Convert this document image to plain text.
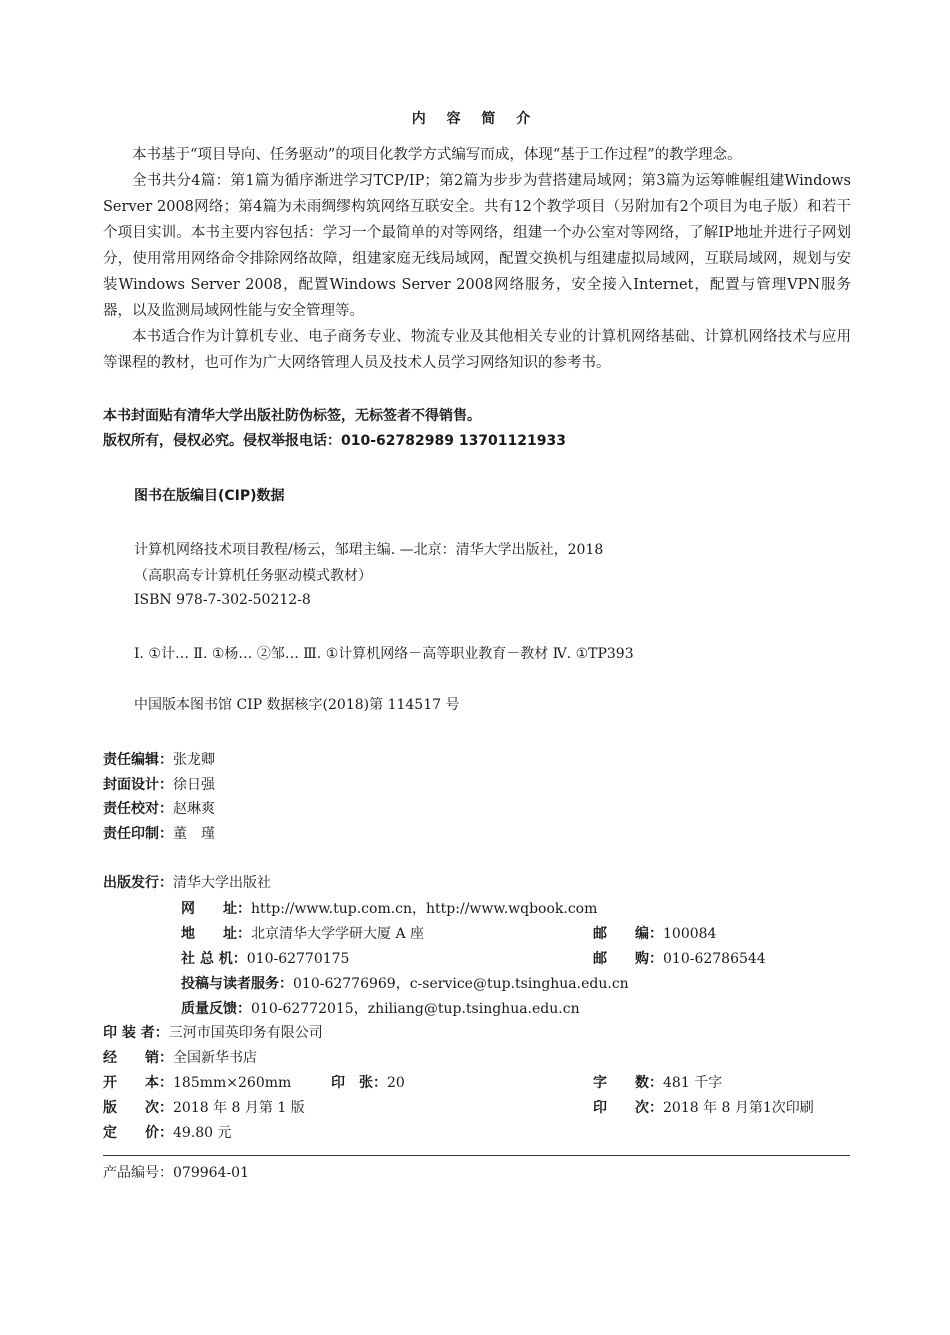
内 容 简 介

本书基于“项目导向、任务驱动”的项目化教学方式编写而成，体现“基于工作过程”的教学理念。

全书共分4篇：第1篇为循序渐进学习TCP/IP；第2篇为步步为营搭建局域网；第3篇为运筹帷幄组建Windows Server 2008网络；第4篇为未雨绸缪构筑网络互联安全。共有12个教学项目（另附加有2个项目为电子版）和若干个项目实训。本书主要内容包括：学习一个最简单的对等网络，组建一个办公室对等网络，了解IP地址并进行子网划分，使用常用网络命令排除网络故障，组建家庭无线局域网，配置交换机与组建虚拟局域网，互联局域网，规划与安装Windows Server 2008，配置Windows Server 2008网络服务，安全接入Internet，配置与管理VPN服务器，以及监测局域网性能与安全管理等。

本书适合作为计算机专业、电子商务专业、物流专业及其他相关专业的计算机网络基础、计算机网络技术与应用等课程的教材，也可作为广大网络管理人员及技术人员学习网络知识的参考书。

本书封面贴有清华大学出版社防伪标签，无标签者不得销售。
版权所有，侵权必究。侵权举报电话：010-62782989 13701121933
图书在版编目(CIP)数据
计算机网络技术项目教程/杨云，邹珺主编. —北京：清华大学出版社，2018
（高职高专计算机任务驱动模式教材）
ISBN 978-7-302-50212-8
Ⅰ. ①计… Ⅱ. ①杨… ②邹… Ⅲ. ①计算机网络－高等职业教育－教材 Ⅳ. ①TP393
中国版本图书馆 CIP 数据核字(2018)第 114517 号
责任编辑：张龙卿
封面设计：徐日强
责任校对：赵琳爽
责任印制：董　瑾
出版发行：清华大学出版社
网　　址：http://www.tup.com.cn，http://www.wqbook.com
地　　址：北京清华大学学研大厦 A 座	邮　　编：100084
社 总 机：010-62770175	邮　　购：010-62786544
投稿与读者服务：010-62776969，c-service@tup.tsinghua.edu.cn
质量反馈：010-62772015，zhiliang@tup.tsinghua.edu.cn
印 装 者：三河市国英印务有限公司
经　　销：全国新华书店
开　　本：185mm×260mm	印　张：20	字　　数：481 千字
版　　次：2018 年 8 月第 1 版	印　　次：2018 年 8 月第1次印刷
定　　价：49.80 元
产品编号：079964-01
